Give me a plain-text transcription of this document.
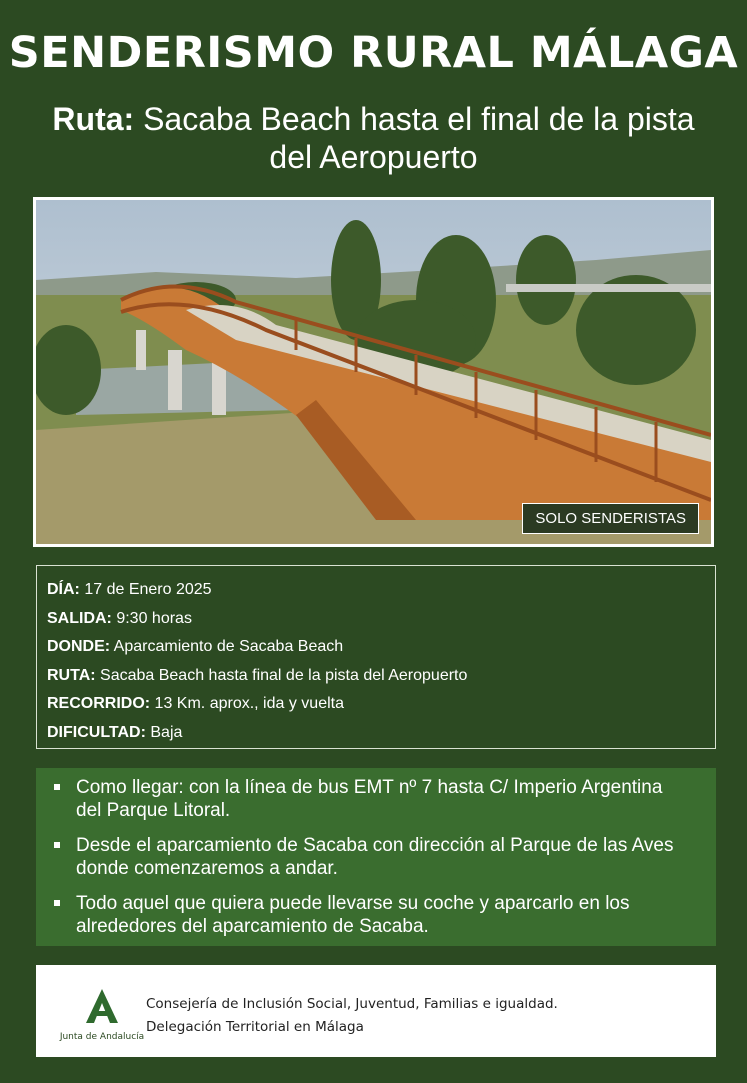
SENDERISMO RURAL MÁLAGA
Ruta: Sacaba Beach hasta el final de la pista del Aeropuerto
SOLO SENDERISTAS
DÍA: 17 de Enero 2025
SALIDA: 9:30 horas
DONDE: Aparcamiento de Sacaba Beach
RUTA: Sacaba Beach hasta final de la pista del Aeropuerto
RECORRIDO: 13 Km. aprox., ida y vuelta
DIFICULTAD: Baja
Como llegar: con la línea de bus EMT nº 7 hasta C/ Imperio Argentina del Parque Litoral.
Desde el aparcamiento de Sacaba con dirección al Parque de las Aves donde comenzaremos a andar.
Todo aquel que quiera puede llevarse su coche y aparcarlo en los alrededores del aparcamiento de Sacaba.
Junta de Andalucía
Consejería de Inclusión Social, Juventud, Familias e igualdad.
Delegación Territorial en Málaga
